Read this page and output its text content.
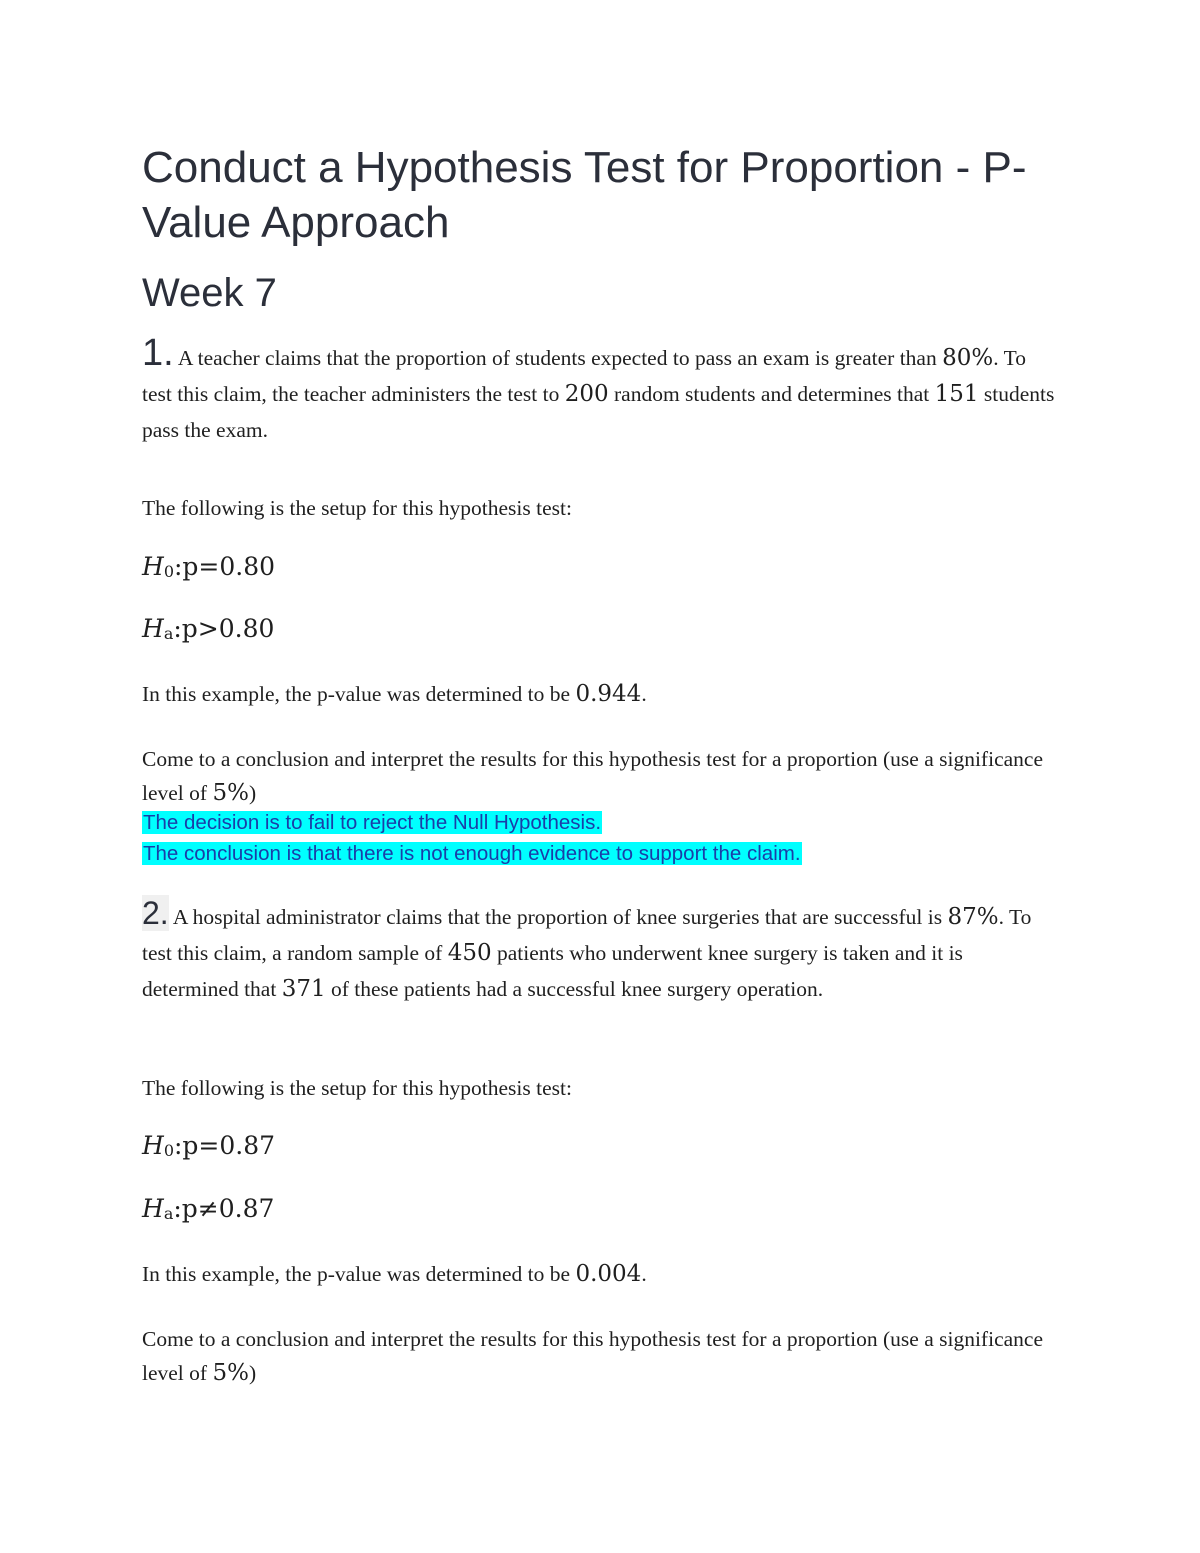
Conduct a Hypothesis Test for Proportion - P-Value Approach
Week 7

1. A teacher claims that the proportion of students expected to pass an exam is greater than 80%. To test this claim, the teacher administers the test to 200 random students and determines that 151 students pass the exam.

The following is the setup for this hypothesis test:

$H_0:p=0.80$
$H_a:p>0.80$

In this example, the p-value was determined to be 0.944.

Come to a conclusion and interpret the results for this hypothesis test for a proportion (use a significance level of 5%)

The decision is to fail to reject the Null Hypothesis.
The conclusion is that there is not enough evidence to support the claim.

2. A hospital administrator claims that the proportion of knee surgeries that are successful is 87%. To test this claim, a random sample of 450 patients who underwent knee surgery is taken and it is determined that 371 of these patients had a successful knee surgery operation.

The following is the setup for this hypothesis test:

$H_0:p=0.87$
$H_a:p\ne 0.87$

In this example, the p-value was determined to be 0.004.

Come to a conclusion and interpret the results for this hypothesis test for a proportion (use a significance level of 5%)
